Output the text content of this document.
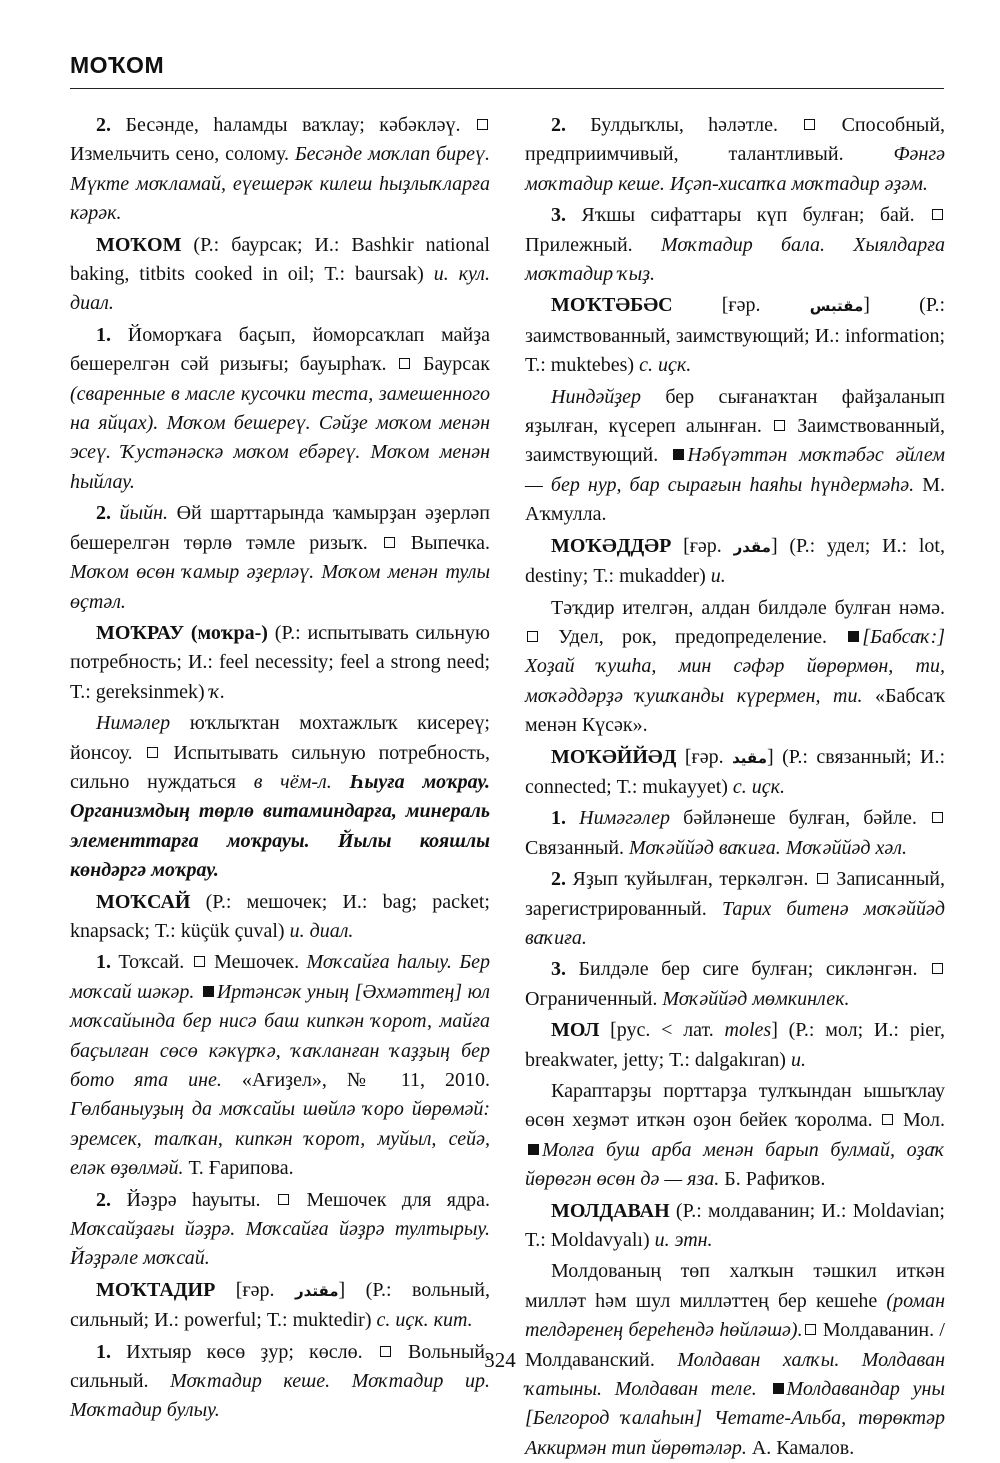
МОҠОМ

2. Бесәнде, һаламды ваҡлау; кәбәкләү.  Измельчить сено, солому. Бесәнде моҡлап биреү. Мүкте моҡламай, еүешерәк килеш һыҙлыҡларға кәрәк.

МОҠОМ (Р.: баурсак; И.: Bashkir national baking, titbits cooked in oil; Т.: baursak) и. кул. диал.

1. Йоморҡаға баҫып, йоморсаҡлап майҙа бешерелгән сәй ризығы; бауырһаҡ.  Баурсак (сваренные в масле кусочки теста, замешенного на яйцах). Моҡом бешереү. Сәйҙе моҡом менән эсеү. Ҡустәнәскә моҡом ебәреү. Моҡом менән һыйлау.

2. йыйн. Өй шарттарында ҡамырҙан әҙерләп бешерелгән төрлө тәмле ризыҡ.  Выпечка. Моҡом өсөн ҡамыр әҙерләү. Моҡом менән тулы өҫтәл.

МОҠРАУ (моҡра-) (Р.: испытывать сильную потребность; И.: feel necessity; feel a strong need; Т.: gereksinmek) ҡ.

Нимәлер юҡлыҡтан мохтажлыҡ кисереү; йонсоу.  Испытывать сильную потребность, сильно нуждаться в чём-л. Һыуға моҡрау. Организмдың төрлө витаминдарға, минераль элементтарға моҡрауы. Йылы кояшлы көндәргә моҡрау.

МОҠСАЙ (Р.: мешочек; И.: bag; packet; knapsack; Т.: küçük çuval) и. диал.

1. Тоҡсай.  Мешочек. Моҡсайға һалыу. Бер моҡсай шәкәр. Иртәнсәк уның [Әхмәттең] юл моҡсайында бер нисә баш кипкән ҡорот, майға баҫылған сөсө кәкүрҡә, ҡаҡланған ҡаҙҙың бер бото ята ине. «Ағиҙел», № 11, 2010. Гөлбаныуҙың да моҡсайы шөйлә ҡоро йөрөмәй: эремсек, талҡан, кипкән ҡорот, муйыл, сейә, еләк өҙөлмәй. Т. Ғарипова.

2. Йәҙрә һауыты.  Мешочек для ядра. Моҡсайҙағы йәҙрә. Моҡсайға йәҙрә тултырыу. Йәҙрәле моҡсай.

МОҠТАДИР [ғәр. مقتدر] (Р.: вольный, сильный; И.: powerful; Т.: muktedir) с. иҫк. кит.

1. Ихтыяр көсө ҙур; көслө.  Вольный, сильный. Моҡтадир кеше. Моҡтадир ир. Моҡтадир булыу.

2. Булдыҡлы, һәләтле.  Способный, предприимчивый, талантливый. Фәнгә моҡтадир кеше. Иҫәп-хисапҡа моҡтадир әҙәм.

3. Яҡшы сифаттары күп булған; бай.  Прилежный. Моҡтадир бала. Хыялдарға моҡтадир ҡыҙ.

МОҠТӘБӘС [ғәр. مقتبس] (Р.: заимствованный, заимствующий; И.: information; Т.: muktebes) с. иҫк.

Ниндәйҙер бер сығанаҡтан файҙаланып яҙылған, күсереп алынған.  Заимствованный, заимствующий. Нәбүәттән моҡтәбәс әйлем — бер нур, бар сырағын һаяһы һүндермәһә. М. Аҡмулла.

МОҠӘДДӘР [ғәр. مقدر] (Р.: удел; И.: lot, destiny; Т.: mukadder) и.

Тәҡдир ителгән, алдан билдәле булған нәмә.  Удел, рок, предопределение. [Бабсаҡ:] Хоҙай ҡушһа, мин сәфәр йөрөрмөн, ти, моҡәддәрҙә ҡушҡанды күрермен, ти. «Бабсаҡ менән Күсәк».

МОҠӘЙЙӘД [ғәр. مقيد] (Р.: связанный; И.: connected; Т.: mukayyet) с. иҫк.

1. Нимәгәлер бәйләнеше булған, бәйле.  Связанный. Моҡәййәд ваҡиға. Моҡәййәд хәл.

2. Яҙып ҡуйылған, теркәлгән.  Записанный, зарегистрированный. Тарих битенә моҡәййәд ваҡиға.

3. Билдәле бер сиге булған; сикләнгән.  Ограниченный. Моҡәййәд мөмкинлек.

МОЛ [рус. < лат. moles] (Р.: мол; И.: pier, breakwater, jetty; Т.: dalgakıran) и.

Караптарҙы порттарҙа тулҡындан ышыҡлау өсөн хеҙмәт иткән оҙон бейек ҡоролма.  Мол. Молға буш арба менән барып булмай, оҙаҡ йөрөгән өсөн дә — яза. Б. Рафиҡов.

МОЛДАВАН (Р.: молдаванин; И.: Moldavian; Т.: Moldavyalı) и. этн.

Молдованың төп халҡын тәшкил иткән милләт һәм шул милләттең бер кешеһе (роман телдәренең береһендә һөйләшә). Молдаванин. / Молдаванский. Молдаван халҡы. Молдаван ҡатыны. Молдаван теле. Молдавандар уны [Белгород ҡалаһын] Четате-Альба, төрөктәр Аккирмән тип йөрөтәләр. А. Камалов.

324
